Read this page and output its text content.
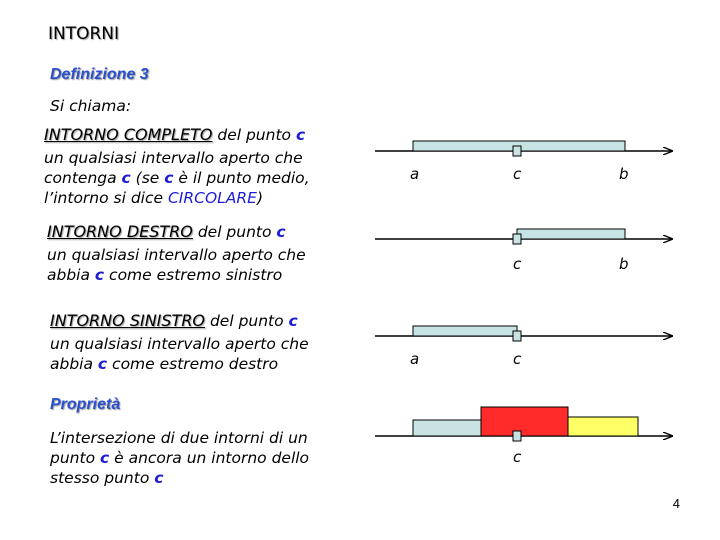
INTORNI
Definizione 3
Si chiama:
INTORNO COMPLETO del punto c
un qualsiasi intervallo aperto che
contenga c (se c è il punto medio,
l’intorno si dice CIRCOLARE)
INTORNO DESTRO del punto c
un qualsiasi intervallo aperto che
abbia c come estremo sinistro
INTORNO SINISTRO del punto c
un qualsiasi intervallo aperto che
abbia c come estremo destro
Proprietà
L’intersezione di due intorni di un
punto c è ancora un intorno dello
stesso punto c
a	c	b
c	b
a	c
c
4
